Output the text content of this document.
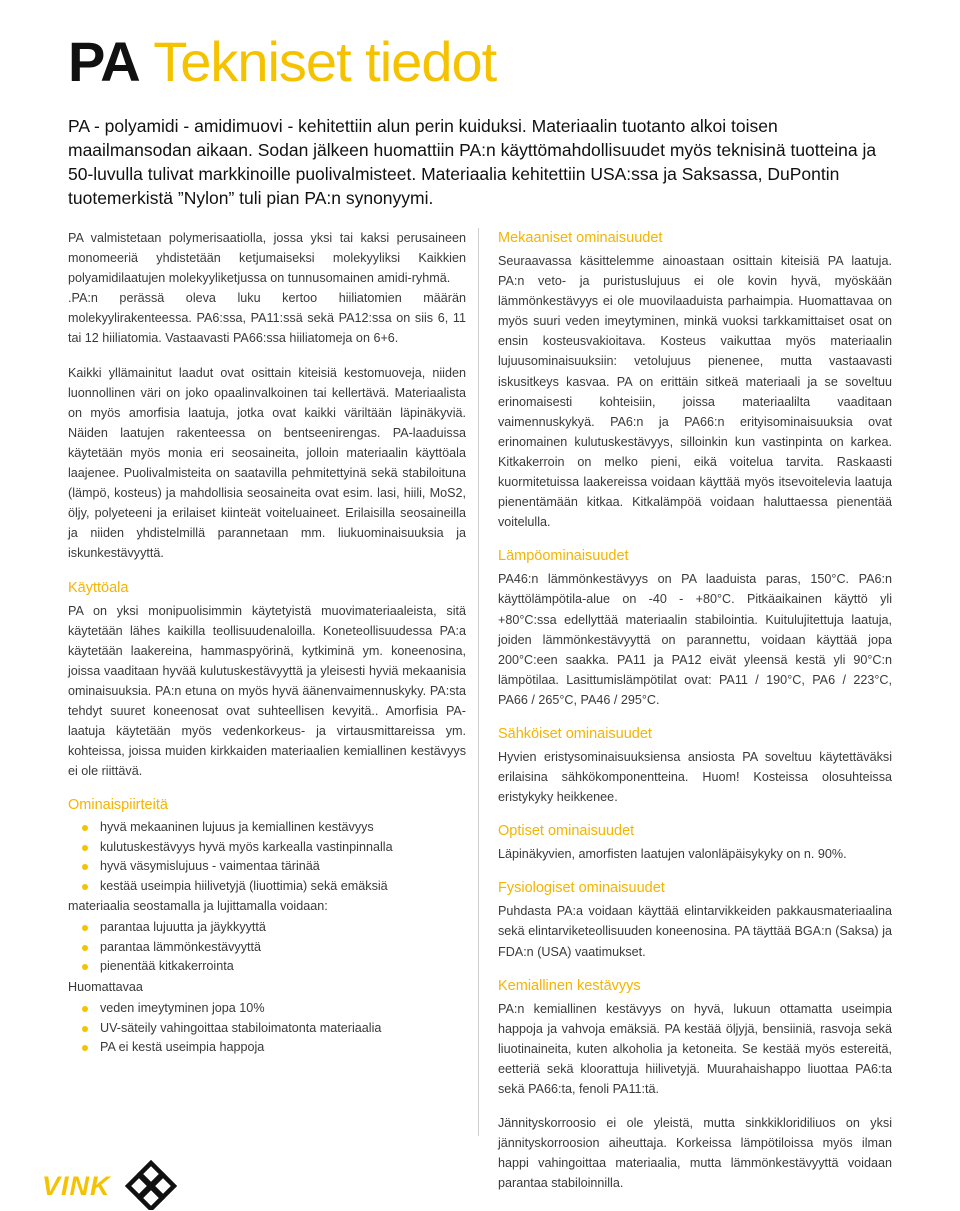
PA Tekniset tiedot

PA - polyamidi - amidimuovi - kehitettiin alun perin kuiduksi. Materiaalin tuotanto alkoi toisen maailmansodan aikaan. Sodan jälkeen huomattiin PA:n käyttömahdollisuudet myös teknisinä tuotteina ja 50-luvulla tulivat markkinoille puolivalmisteet. Materiaalia kehitettiin USA:ssa ja Saksassa, DuPontin tuotemerkistä ”Nylon” tuli pian PA:n synonyymi.

PA valmistetaan polymerisaatiolla, jossa yksi tai kaksi perusaineen monomeeriä yhdistetään ketjumaiseksi molekyyliksi Kaikkien polyamidilaatujen molekyyliketjussa on tunnusomainen amidi-ryhmä.

.PA:n perässä oleva luku kertoo hiiliatomien määrän molekyylirakenteessa. PA6:ssa, PA11:ssä sekä PA12:ssa on siis 6, 11 tai 12 hiiliatomia. Vastaavasti PA66:ssa hiiliatomeja on 6+6.

Kaikki yllämainitut laadut ovat osittain kiteisiä kestomuoveja, niiden luonnollinen väri on joko opaalinvalkoinen tai kellertävä. Materiaalista on myös amorfisia laatuja, jotka ovat kaikki väriltään läpinäkyviä. Näiden laatujen rakenteessa on bentseenirengas. PA-laaduissa käytetään myös monia eri seosaineita, jolloin materiaalin käyttöala laajenee. Puolivalmisteita on saatavilla pehmitettyinä sekä stabiloituna (lämpö, kosteus) ja mahdollisia seosaineita ovat esim. lasi, hiili, MoS2, öljy, polyeteeni ja erilaiset kiinteät voiteluaineet. Erilaisilla seosaineilla ja niiden yhdistelmillä parannetaan mm. liukuominaisuuksia ja iskunkestävyyttä.

Käyttöala

PA on yksi monipuolisimmin käytetyistä muovimateriaaleista, sitä käytetään lähes kaikilla teollisuudenaloilla. Koneteollisuudessa PA:a käytetään laakereina, hammaspyörinä, kytkiminä ym. koneenosina, joissa vaaditaan hyvää kulutuskestävyyttä ja yleisesti hyviä mekaanisia ominaisuuksia. PA:n etuna on myös hyvä äänenvaimennuskyky. PA:sta tehdyt suuret koneenosat ovat suhteellisen kevyitä.. Amorfisia PA-laatuja käytetään myös vedenkorkeus- ja virtausmittareissa ym. kohteissa, joissa muiden kirkkaiden materiaalien kemiallinen kestävyys ei ole riittävä.

Ominaispiirteitä
hyvä mekaaninen lujuus ja kemiallinen kestävyys
kulutuskestävyys hyvä myös karkealla vastinpinnalla
hyvä väsymislujuus - vaimentaa tärinää
kestää useimpia hiilivetyjä (liuottimia) sekä emäksiä

materiaalia seostamalla ja lujittamalla voidaan:

parantaa lujuutta ja jäykkyyttä
parantaa lämmönkestävyyttä
pienentää kitkakerrointa

Huomattavaa

veden imeytyminen jopa 10%
UV-säteily vahingoittaa stabiloimatonta materiaalia
PA ei kestä useimpia happoja
Mekaaniset ominaisuudet

Seuraavassa käsittelemme ainoastaan osittain kiteisiä PA laatuja. PA:n veto- ja puristuslujuus ei ole kovin hyvä, myöskään lämmönkestävyys ei ole muovilaaduista parhaimpia. Huomattavaa on myös suuri veden imeytyminen, minkä vuoksi tarkkamittaiset osat on ensin kosteusvakioitava. Kosteus vaikuttaa myös materiaalin lujuusominaisuuksiin: vetolujuus pienenee, mutta vastaavasti iskusitkeys kasvaa. PA on erittäin sitkeä materiaali ja se soveltuu erinomaisesti kohteisiin, joissa materiaalilta vaaditaan vaimennuskykyä. PA6:n ja PA66:n erityisominaisuuksia ovat erinomainen kulutuskestävyys, silloinkin kun vastinpinta on karkea. Kitkakerroin on melko pieni, eikä voitelua tarvita. Raskaasti kuormitetuissa laakereissa voidaan käyttää myös itsevoitelevia laatuja pienentämään kitkaa. Kitkalämpöä voidaan haluttaessa pienentää voitelulla.

Lämpöominaisuudet

PA46:n lämmönkestävyys on PA laaduista paras, 150°C. PA6:n käyttölämpötila-alue on -40 - +80°C. Pitkäaikainen käyttö yli +80°C:ssa edellyttää materiaalin stabilointia. Kuitulujitettuja laatuja, joiden lämmönkestävyyttä on parannettu, voidaan käyttää jopa 200°C:een saakka. PA11 ja PA12 eivät yleensä kestä yli 90°C:n lämpötilaa. Lasittumislämpötilat ovat: PA11 / 190°C, PA6 / 223°C, PA66 / 265°C, PA46 / 295°C.

Sähköiset ominaisuudet

Hyvien eristysominaisuuksiensa ansiosta PA soveltuu käytettäväksi erilaisina sähkökomponentteina. Huom! Kosteissa olosuhteissa eristykyky heikkenee.

Optiset ominaisuudet

Läpinäkyvien, amorfisten laatujen valonläpäisykyky on n. 90%.

Fysiologiset ominaisuudet

Puhdasta PA:a voidaan käyttää elintarvikkeiden pakkausmateriaalina sekä elintarviketeollisuuden koneenosina. PA täyttää BGA:n (Saksa) ja FDA:n (USA) vaatimukset.

Kemiallinen kestävyys

PA:n kemiallinen kestävyys on hyvä, lukuun ottamatta useimpia happoja ja vahvoja emäksiä. PA kestää öljyjä, bensiiniä, rasvoja sekä liuotinaineita, kuten alkoholia ja ketoneita. Se kestää myös estereitä, eetteriä sekä kloorattuja hiilivetyjä. Muurahaishappo liuottaa PA6:ta sekä PA66:ta, fenoli PA11:tä.

Jännityskorroosio ei ole yleistä, mutta sinkkikloridiliuos on yksi jännityskorroosion aiheuttaja. Korkeissa lämpötiloissa myös ilman happi vahingoittaa materiaalia, mutta lämmönkestävyyttä voidaan parantaa stabiloinnilla.

VINK
